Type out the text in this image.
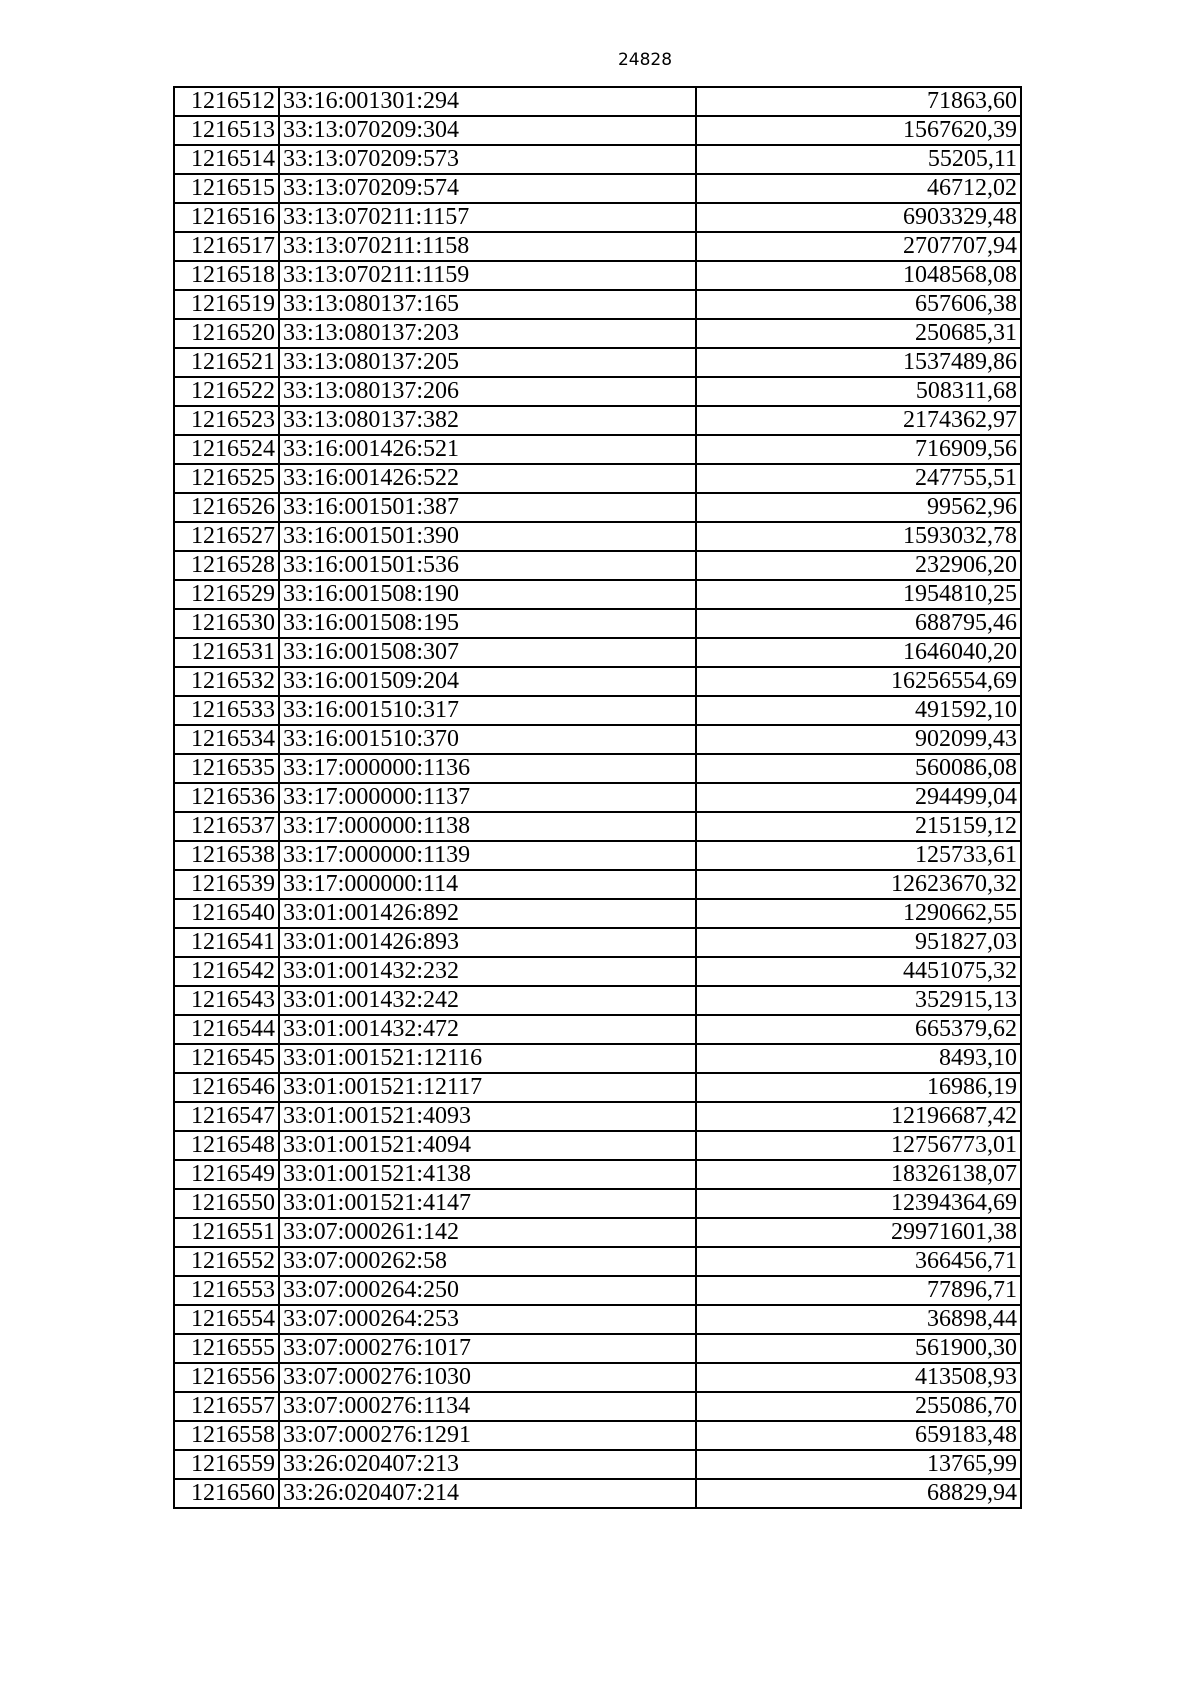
24828
1216512	33:16:001301:294	71863,60
1216513	33:13:070209:304	1567620,39
1216514	33:13:070209:573	55205,11
1216515	33:13:070209:574	46712,02
1216516	33:13:070211:1157	6903329,48
1216517	33:13:070211:1158	2707707,94
1216518	33:13:070211:1159	1048568,08
1216519	33:13:080137:165	657606,38
1216520	33:13:080137:203	250685,31
1216521	33:13:080137:205	1537489,86
1216522	33:13:080137:206	508311,68
1216523	33:13:080137:382	2174362,97
1216524	33:16:001426:521	716909,56
1216525	33:16:001426:522	247755,51
1216526	33:16:001501:387	99562,96
1216527	33:16:001501:390	1593032,78
1216528	33:16:001501:536	232906,20
1216529	33:16:001508:190	1954810,25
1216530	33:16:001508:195	688795,46
1216531	33:16:001508:307	1646040,20
1216532	33:16:001509:204	16256554,69
1216533	33:16:001510:317	491592,10
1216534	33:16:001510:370	902099,43
1216535	33:17:000000:1136	560086,08
1216536	33:17:000000:1137	294499,04
1216537	33:17:000000:1138	215159,12
1216538	33:17:000000:1139	125733,61
1216539	33:17:000000:114	12623670,32
1216540	33:01:001426:892	1290662,55
1216541	33:01:001426:893	951827,03
1216542	33:01:001432:232	4451075,32
1216543	33:01:001432:242	352915,13
1216544	33:01:001432:472	665379,62
1216545	33:01:001521:12116	8493,10
1216546	33:01:001521:12117	16986,19
1216547	33:01:001521:4093	12196687,42
1216548	33:01:001521:4094	12756773,01
1216549	33:01:001521:4138	18326138,07
1216550	33:01:001521:4147	12394364,69
1216551	33:07:000261:142	29971601,38
1216552	33:07:000262:58	366456,71
1216553	33:07:000264:250	77896,71
1216554	33:07:000264:253	36898,44
1216555	33:07:000276:1017	561900,30
1216556	33:07:000276:1030	413508,93
1216557	33:07:000276:1134	255086,70
1216558	33:07:000276:1291	659183,48
1216559	33:26:020407:213	13765,99
1216560	33:26:020407:214	68829,94
